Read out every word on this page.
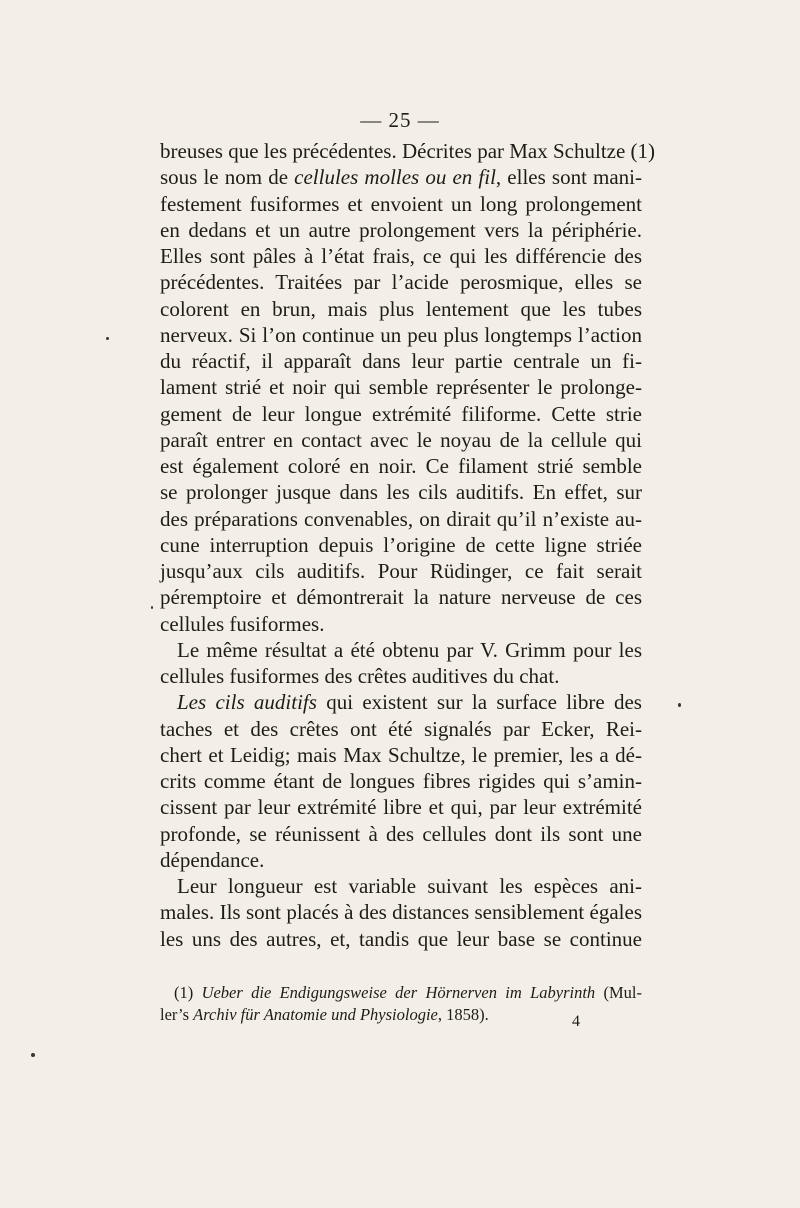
— 25 —
breuses que les précédentes. Décrites par Max Schultze (1)
sous le nom de cellules molles ou en fil, elles sont mani-
festement fusiformes et envoient un long prolongement
en dedans et un autre prolongement vers la périphérie.
Elles sont pâles à l’état frais, ce qui les différencie des
précédentes. Traitées par l’acide perosmique, elles se
colorent en brun, mais plus lentement que les tubes
nerveux. Si l’on continue un peu plus longtemps l’action
du réactif, il apparaît dans leur partie centrale un fi-
lament strié et noir qui semble représenter le prolonge-
gement de leur longue extrémité filiforme. Cette strie
paraît entrer en contact avec le noyau de la cellule qui
est également coloré en noir. Ce filament strié semble
se prolonger jusque dans les cils auditifs. En effet, sur
des préparations convenables, on dirait qu’il n’existe au-
cune interruption depuis l’origine de cette ligne striée
jusqu’aux cils auditifs. Pour Rüdinger, ce fait serait
péremptoire et démontrerait la nature nerveuse de ces
cellules fusiformes.
Le même résultat a été obtenu par V. Grimm pour les
cellules fusiformes des crêtes auditives du chat.
Les cils auditifs qui existent sur la surface libre des
taches et des crêtes ont été signalés par Ecker, Rei-
chert et Leidig; mais Max Schultze, le premier, les a dé-
crits comme étant de longues fibres rigides qui s’amin-
cissent par leur extrémité libre et qui, par leur extrémité
profonde, se réunissent à des cellules dont ils sont une
dépendance.
Leur longueur est variable suivant les espèces ani-
males. Ils sont placés à des distances sensiblement égales
les uns des autres, et, tandis que leur base se continue
(1) Ueber die Endigungsweise der Hörnerven im Labyrinth (Mul-
ler’s Archiv für Anatomie und Physiologie, 1858).	4
